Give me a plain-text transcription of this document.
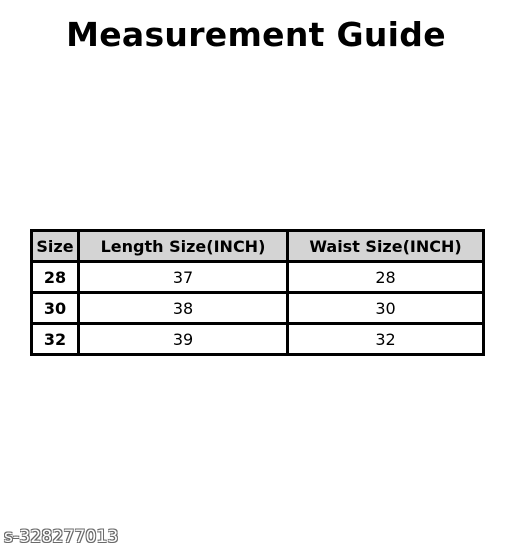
Measurement Guide
Size	Length Size(INCH)	Waist Size(INCH)
28	37	28
30	38	30
32	39	32
s-328277013
